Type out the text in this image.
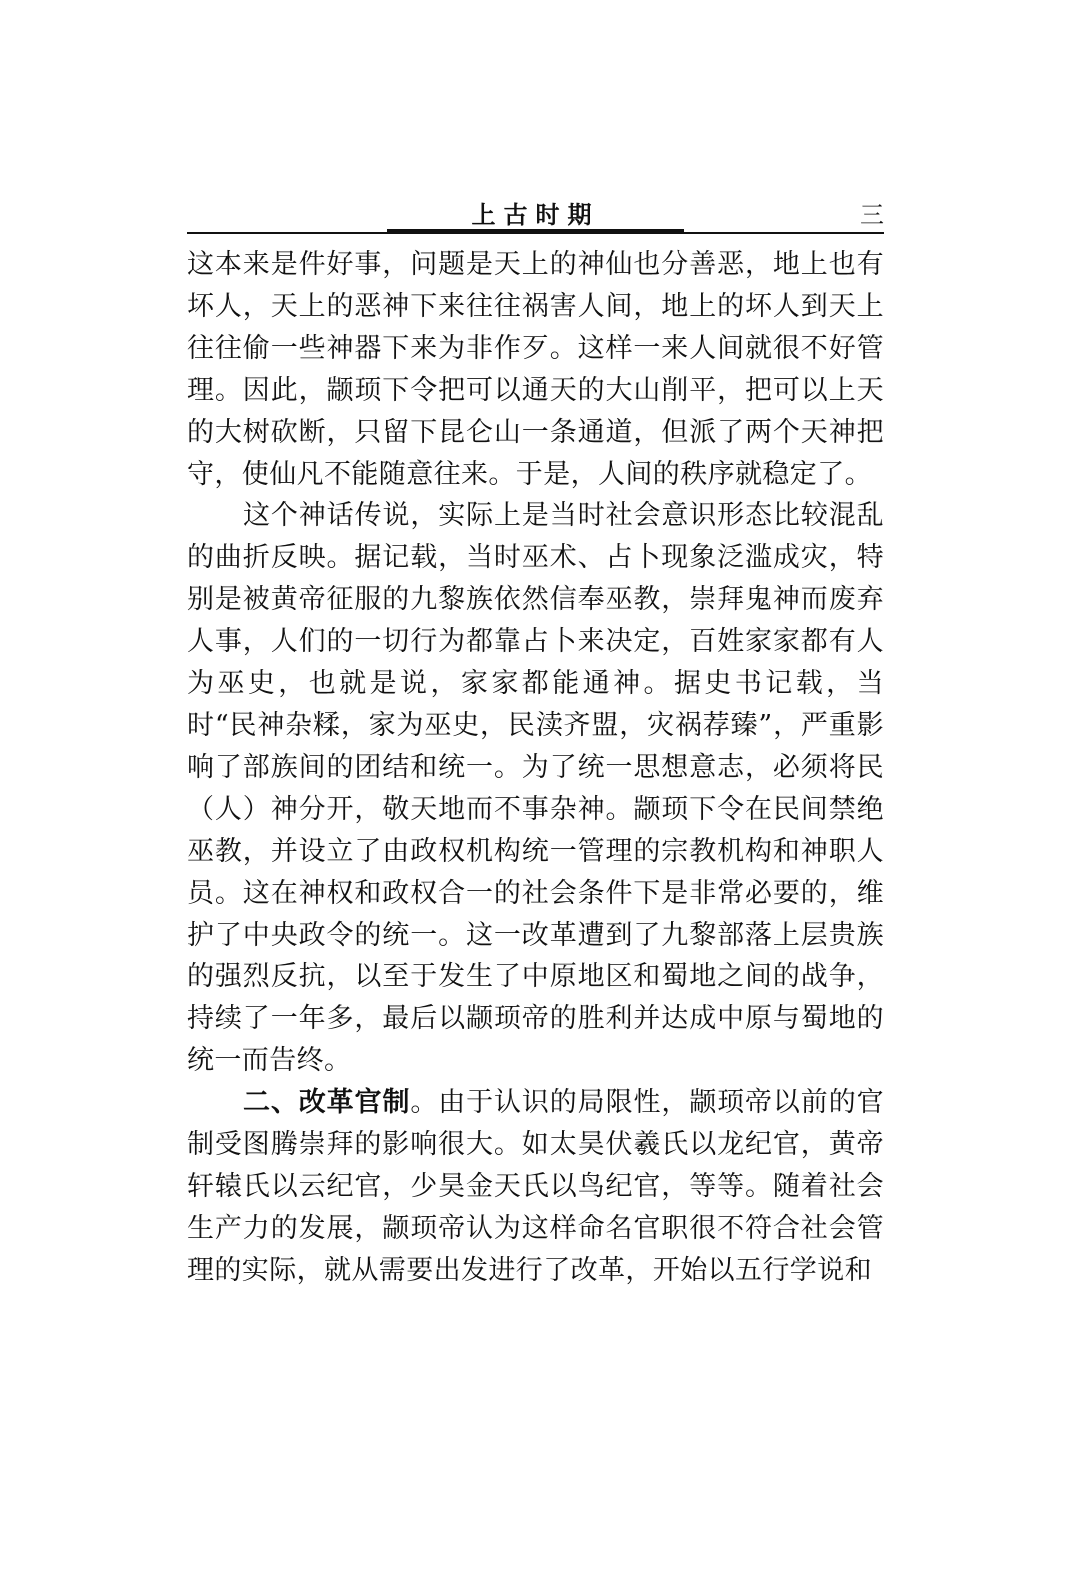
上古时期	三

这本来是件好事，问题是天上的神仙也分善恶，地上也有坏人，天上的恶神下来往往祸害人间，地上的坏人到天上往往偷一些神器下来为非作歹。这样一来人间就很不好管理。因此，颛顼下令把可以通天的大山削平，把可以上天的大树砍断，只留下昆仑山一条通道，但派了两个天神把守，使仙凡不能随意往来。于是，人间的秩序就稳定了。

这个神话传说，实际上是当时社会意识形态比较混乱的曲折反映。据记载，当时巫术、占卜现象泛滥成灾，特别是被黄帝征服的九黎族依然信奉巫教，崇拜鬼神而废弃人事，人们的一切行为都靠占卜来决定，百姓家家都有人为巫史，也就是说，家家都能通神。据史书记载，当时“民神杂糅，家为巫史，民渎齐盟，灾祸荐臻”，严重影响了部族间的团结和统一。为了统一思想意志，必须将民（人）神分开，敬天地而不事杂神。颛顼下令在民间禁绝巫教，并设立了由政权机构统一管理的宗教机构和神职人员。这在神权和政权合一的社会条件下是非常必要的，维护了中央政令的统一。这一改革遭到了九黎部落上层贵族的强烈反抗，以至于发生了中原地区和蜀地之间的战争，持续了一年多，最后以颛顼帝的胜利并达成中原与蜀地的统一而告终。

二、改革官制。由于认识的局限性，颛顼帝以前的官制受图腾崇拜的影响很大。如太昊伏羲氏以龙纪官，黄帝轩辕氏以云纪官，少昊金天氏以鸟纪官，等等。随着社会生产力的发展，颛顼帝认为这样命名官职很不符合社会管理的实际，就从需要出发进行了改革，开始以五行学说和
